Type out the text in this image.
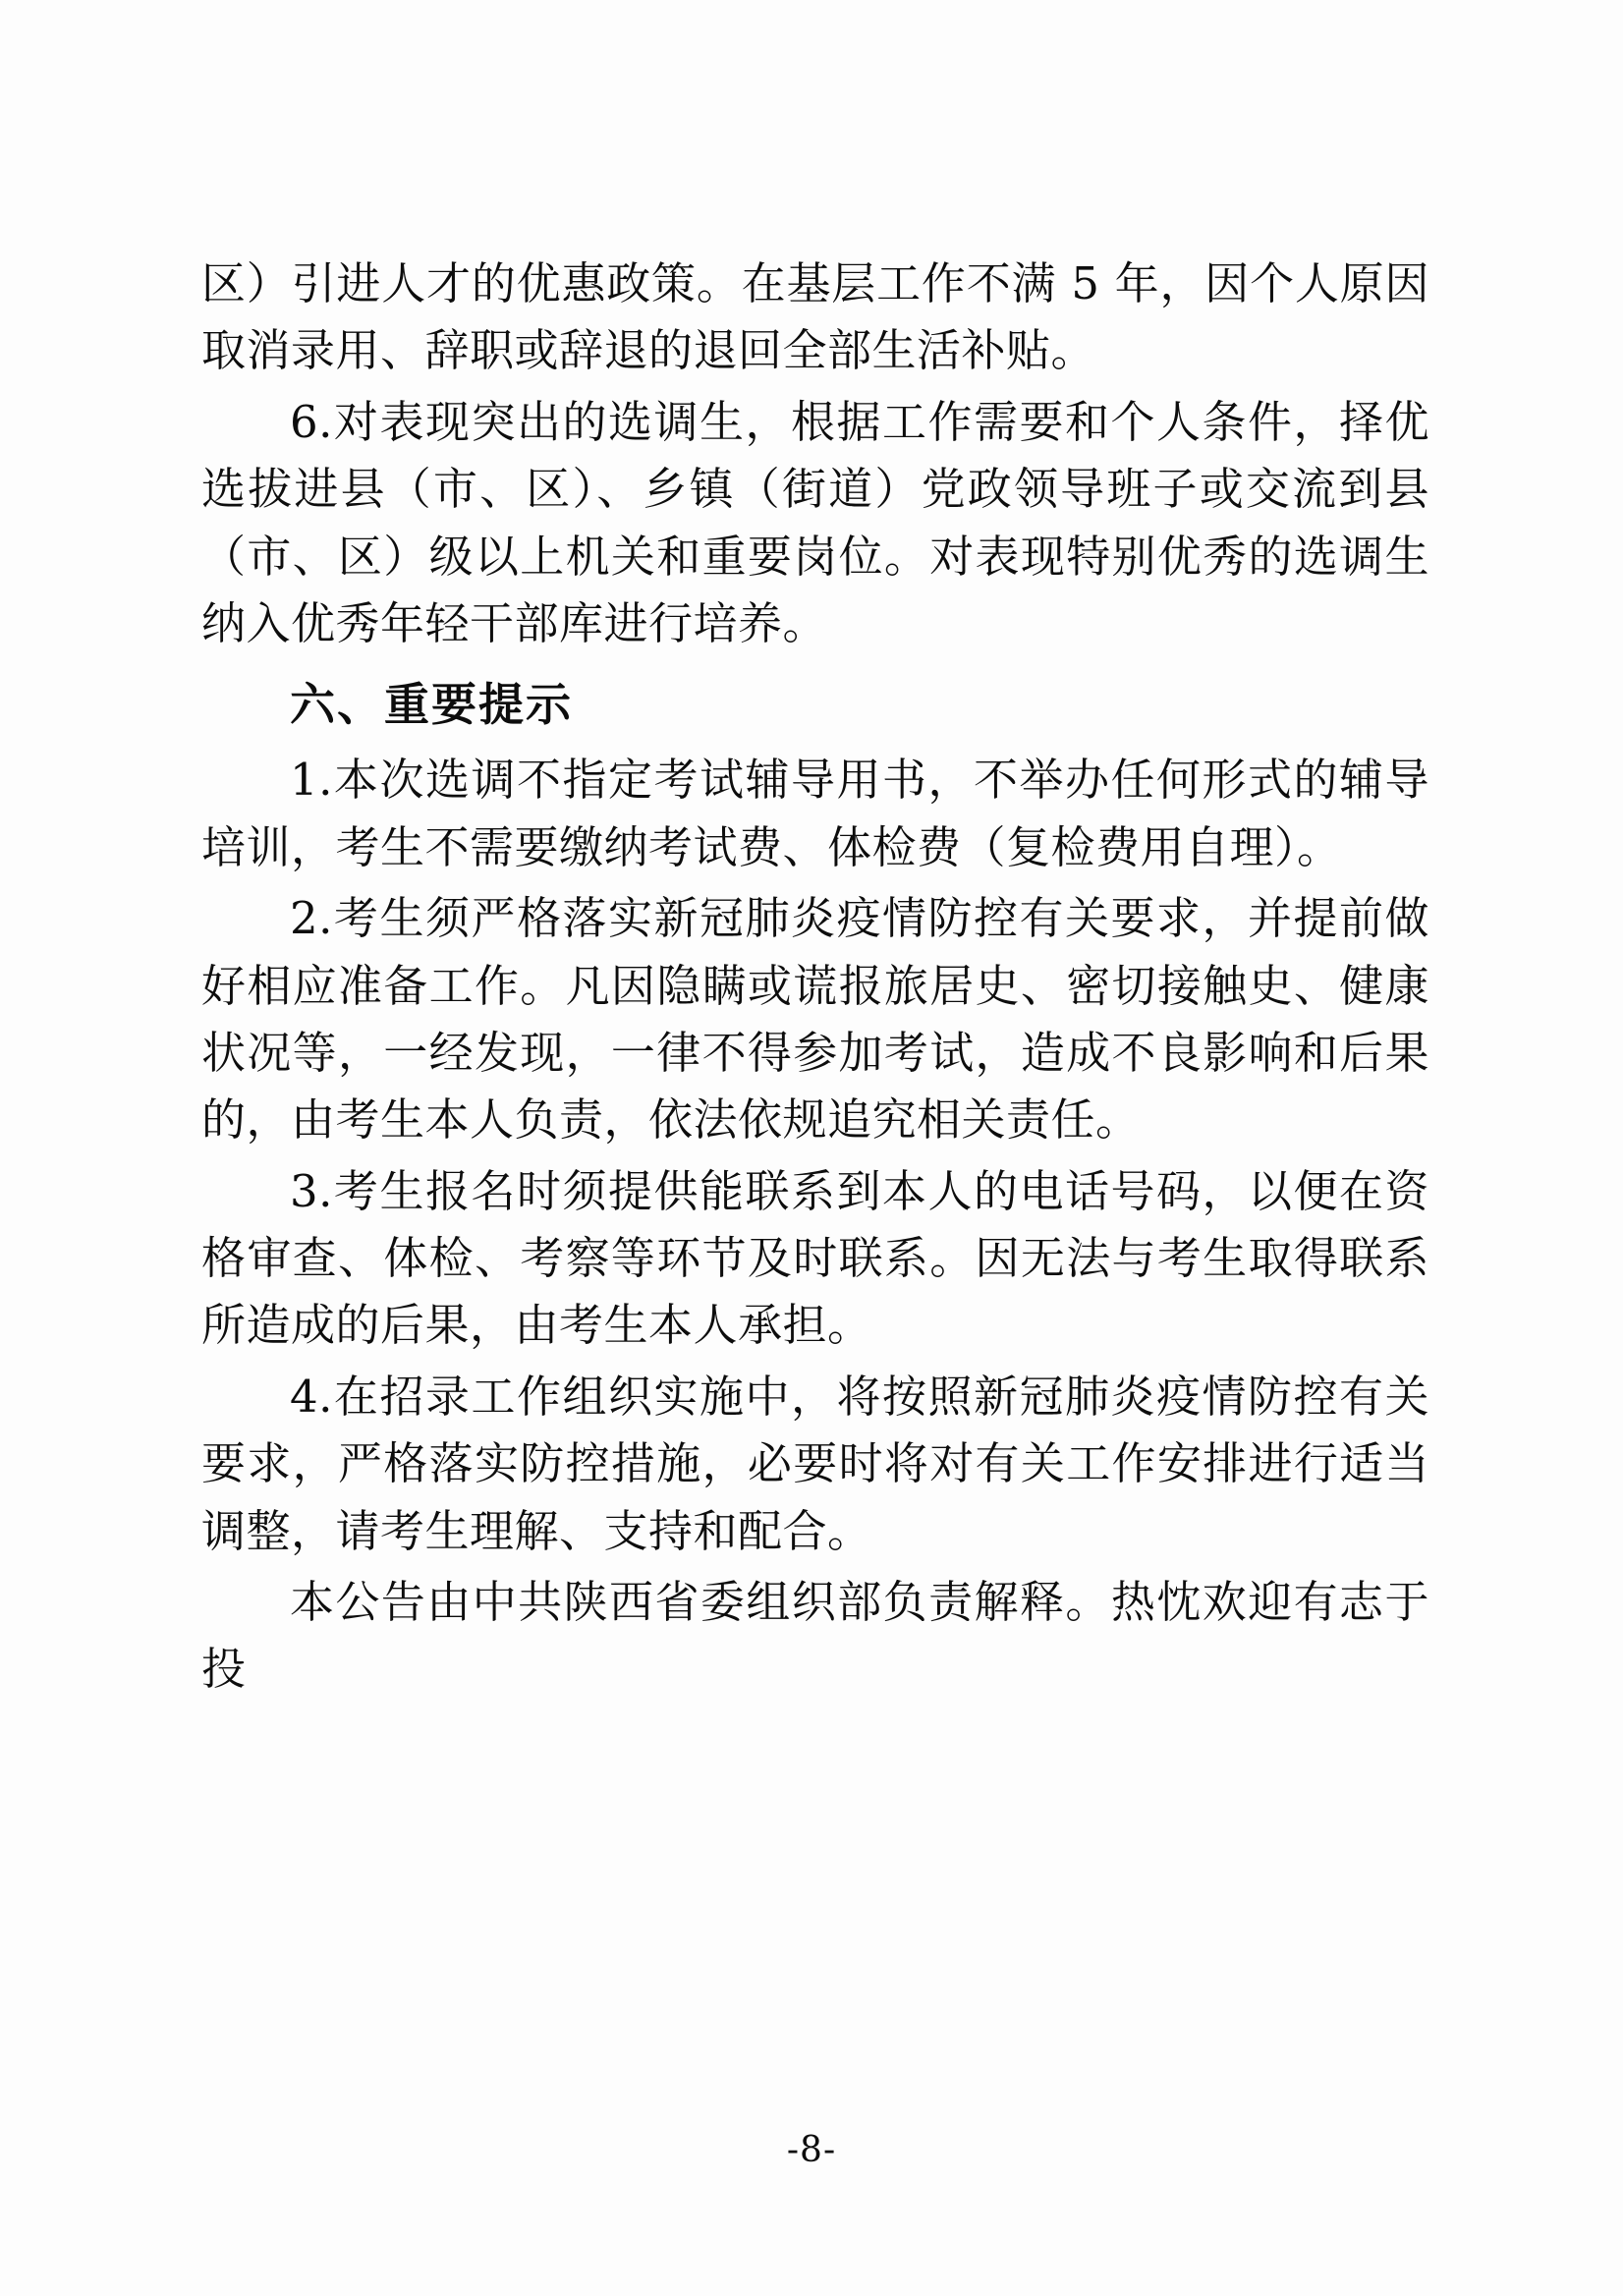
区）引进人才的优惠政策。在基层工作不满 5 年，因个人原因取消录用、辞职或辞退的退回全部生活补贴。

6.对表现突出的选调生，根据工作需要和个人条件，择优选拔进县（市、区）、乡镇（街道）党政领导班子或交流到县（市、区）级以上机关和重要岗位。对表现特别优秀的选调生纳入优秀年轻干部库进行培养。

六、重要提示

1.本次选调不指定考试辅导用书，不举办任何形式的辅导培训，考生不需要缴纳考试费、体检费（复检费用自理）。

2.考生须严格落实新冠肺炎疫情防控有关要求，并提前做好相应准备工作。凡因隐瞒或谎报旅居史、密切接触史、健康状况等，一经发现，一律不得参加考试，造成不良影响和后果的，由考生本人负责，依法依规追究相关责任。

3.考生报名时须提供能联系到本人的电话号码，以便在资格审查、体检、考察等环节及时联系。因无法与考生取得联系所造成的后果，由考生本人承担。

4.在招录工作组织实施中，将按照新冠肺炎疫情防控有关要求，严格落实防控措施，必要时将对有关工作安排进行适当调整，请考生理解、支持和配合。

本公告由中共陕西省委组织部负责解释。热忱欢迎有志于投

-8-
